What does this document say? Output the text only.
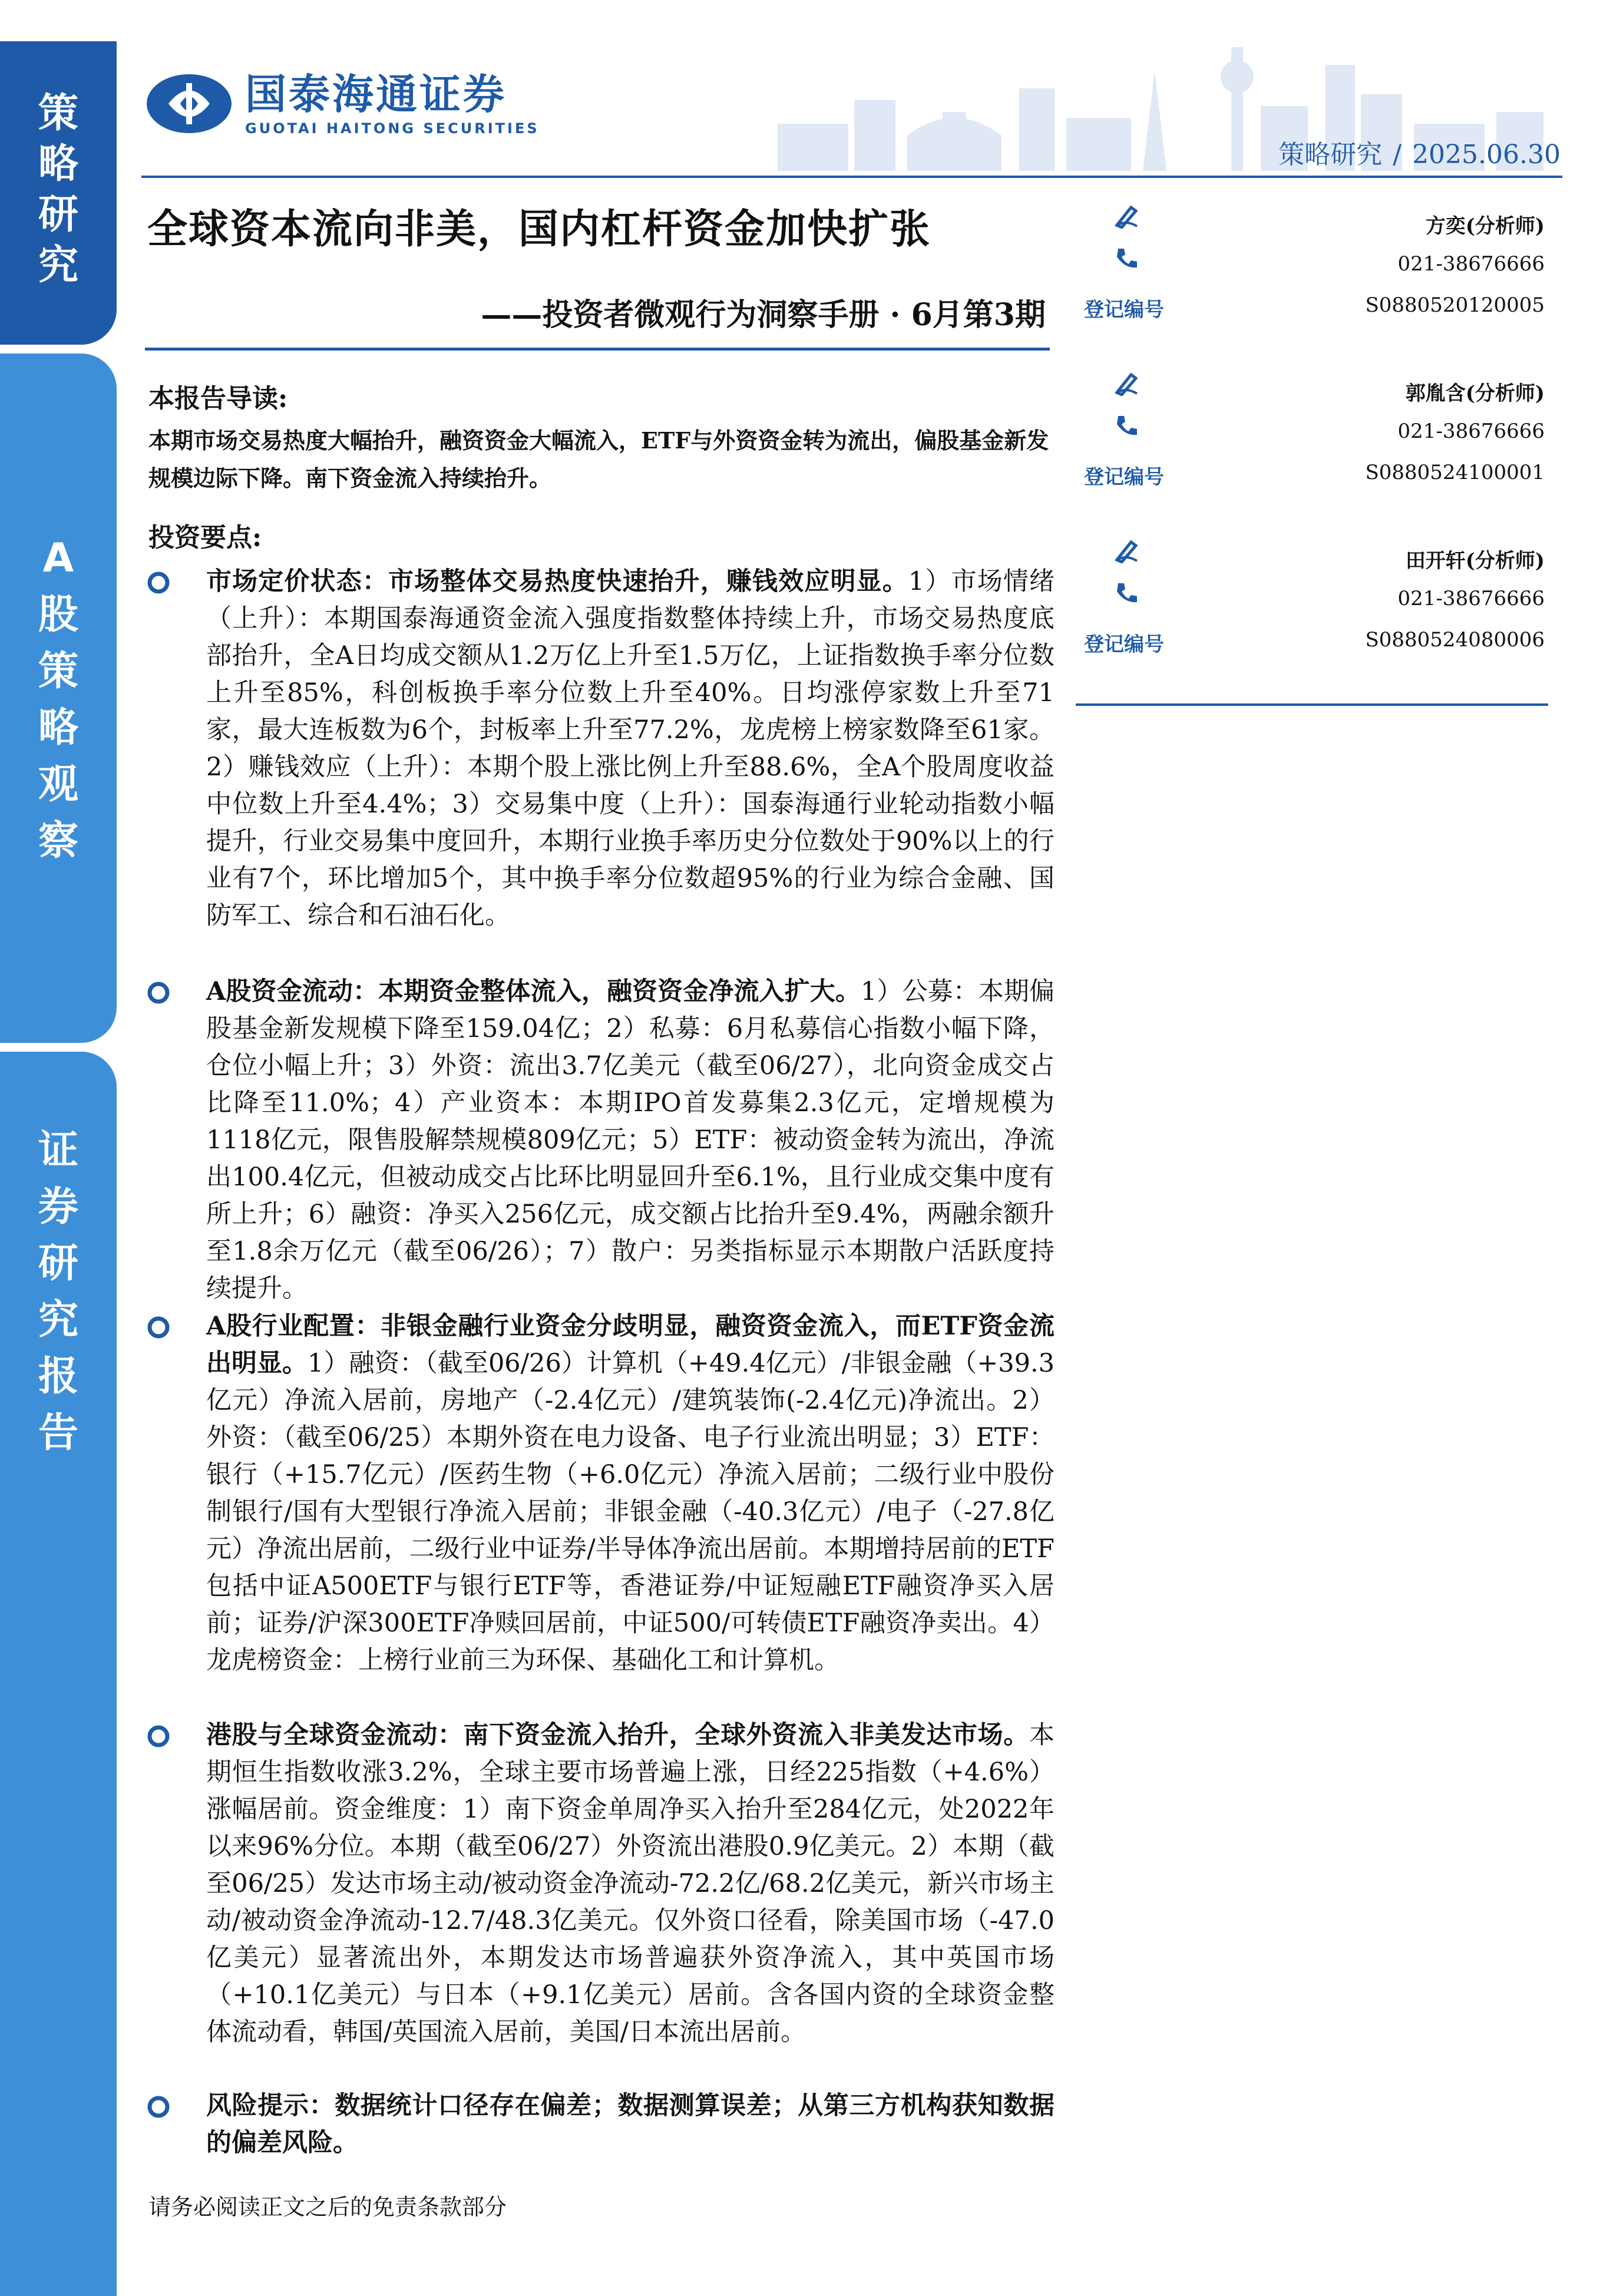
策
略
研
究
A
股
策
略
观
察
证
券
研
究
报
告
国泰海通证券
GUOTAI HAITONG SECURITIES
策略研究 / 2025.06.30
全球资本流向非美，国内杠杆资金加快扩张
——投资者微观行为洞察手册 · 6月第3期
方奕(分析师)
021-38676666
登记编号	S0880520120005
郭胤含(分析师)
021-38676666
登记编号	S0880524100001
田开轩(分析师)
021-38676666
登记编号	S0880524080006
本报告导读:
本期市场交易热度大幅抬升，融资资金大幅流入，ETF与外资资金转为流出，偏股基金新发规模边际下降。南下资金流入持续抬升。
投资要点:

市场定价状态：市场整体交易热度快速抬升，赚钱效应明显。1）市场情绪（上升）：本期国泰海通资金流入强度指数整体持续上升，市场交易热度底部抬升，全A日均成交额从1.2万亿上升至1.5万亿，上证指数换手率分位数上升至85%，科创板换手率分位数上升至40%。日均涨停家数上升至71家，最大连板数为6个，封板率上升至77.2%，龙虎榜上榜家数降至61家。2）赚钱效应（上升）：本期个股上涨比例上升至88.6%，全A个股周度收益中位数上升至4.4%；3）交易集中度（上升）：国泰海通行业轮动指数小幅提升，行业交易集中度回升，本期行业换手率历史分位数处于90%以上的行业有7个，环比增加5个，其中换手率分位数超95%的行业为综合金融、国防军工、综合和石油石化。

A股资金流动：本期资金整体流入，融资资金净流入扩大。1）公募：本期偏股基金新发规模下降至159.04亿；2）私募：6月私募信心指数小幅下降，仓位小幅上升；3）外资：流出3.7亿美元（截至06/27），北向资金成交占比降至11.0%；4）产业资本：本期IPO首发募集2.3亿元，定增规模为1118亿元，限售股解禁规模809亿元；5）ETF：被动资金转为流出，净流出100.4亿元，但被动成交占比环比明显回升至6.1%，且行业成交集中度有所上升；6）融资：净买入256亿元，成交额占比抬升至9.4%，两融余额升至1.8余万亿元（截至06/26）；7）散户：另类指标显示本期散户活跃度持续提升。

A股行业配置：非银金融行业资金分歧明显，融资资金流入，而ETF资金流出明显。1）融资：（截至06/26）计算机（+49.4亿元）/非银金融（+39.3亿元）净流入居前，房地产（-2.4亿元）/建筑装饰(-2.4亿元)净流出。2）外资：（截至06/25）本期外资在电力设备、电子行业流出明显；3）ETF：银行（+15.7亿元）/医药生物（+6.0亿元）净流入居前；二级行业中股份制银行/国有大型银行净流入居前；非银金融（-40.3亿元）/电子（-27.8亿元）净流出居前，二级行业中证券/半导体净流出居前。本期增持居前的ETF包括中证A500ETF与银行ETF等，香港证券/中证短融ETF融资净买入居前；证券/沪深300ETF净赎回居前，中证500/可转债ETF融资净卖出。4）龙虎榜资金：上榜行业前三为环保、基础化工和计算机。

港股与全球资金流动：南下资金流入抬升，全球外资流入非美发达市场。本期恒生指数收涨3.2%，全球主要市场普遍上涨，日经225指数（+4.6%）涨幅居前。资金维度：1）南下资金单周净买入抬升至284亿元，处2022年以来96%分位。本期（截至06/27）外资流出港股0.9亿美元。2）本期（截至06/25）发达市场主动/被动资金净流动-72.2亿/68.2亿美元，新兴市场主动/被动资金净流动-12.7/48.3亿美元。仅外资口径看，除美国市场（-47.0亿美元）显著流出外，本期发达市场普遍获外资净流入，其中英国市场（+10.1亿美元）与日本（+9.1亿美元）居前。含各国内资的全球资金整体流动看，韩国/英国流入居前，美国/日本流出居前。

风险提示：数据统计口径存在偏差；数据测算误差；从第三方机构获知数据的偏差风险。

请务必阅读正文之后的免责条款部分
